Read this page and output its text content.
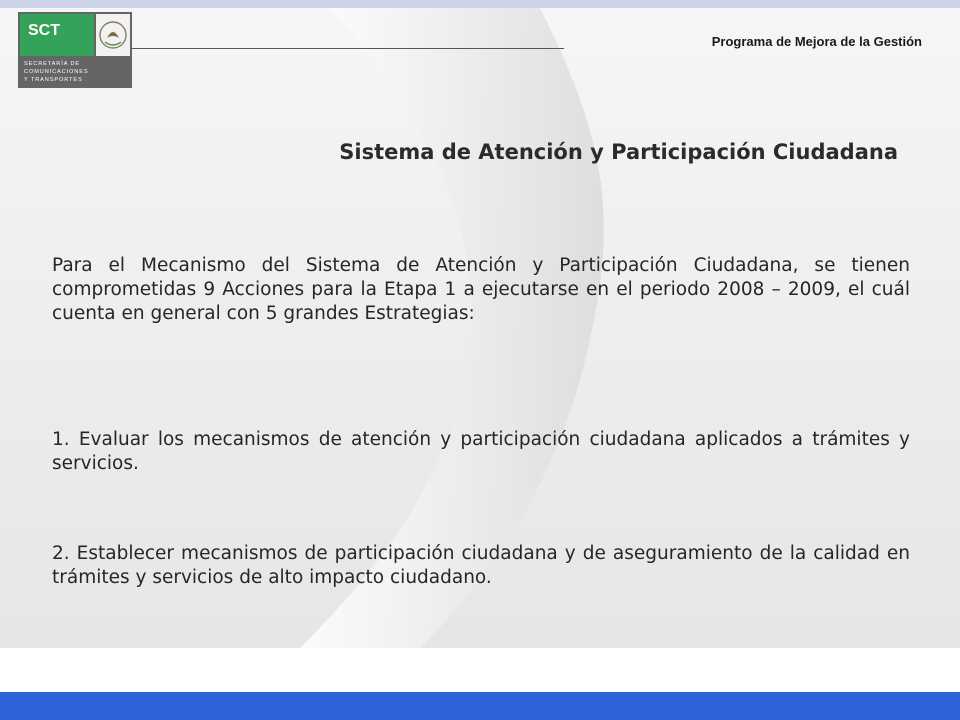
SCT
SECRETARÍA DE
COMUNICACIONES
Y TRANSPORTES

Programa de Mejora de la Gestión

Sistema de Atención y Participación Ciudadana

Para el Mecanismo del Sistema de Atención y Participación Ciudadana, se tienen comprometidas 9 Acciones para la Etapa 1 a ejecutarse en el periodo 2008 – 2009, el cuál cuenta en general con 5 grandes Estrategias:

1. Evaluar los mecanismos de atención y participación ciudadana aplicados a trámites y servicios.

2. Establecer mecanismos de participación ciudadana y de aseguramiento de la calidad en trámites y servicios de alto impacto ciudadano.
